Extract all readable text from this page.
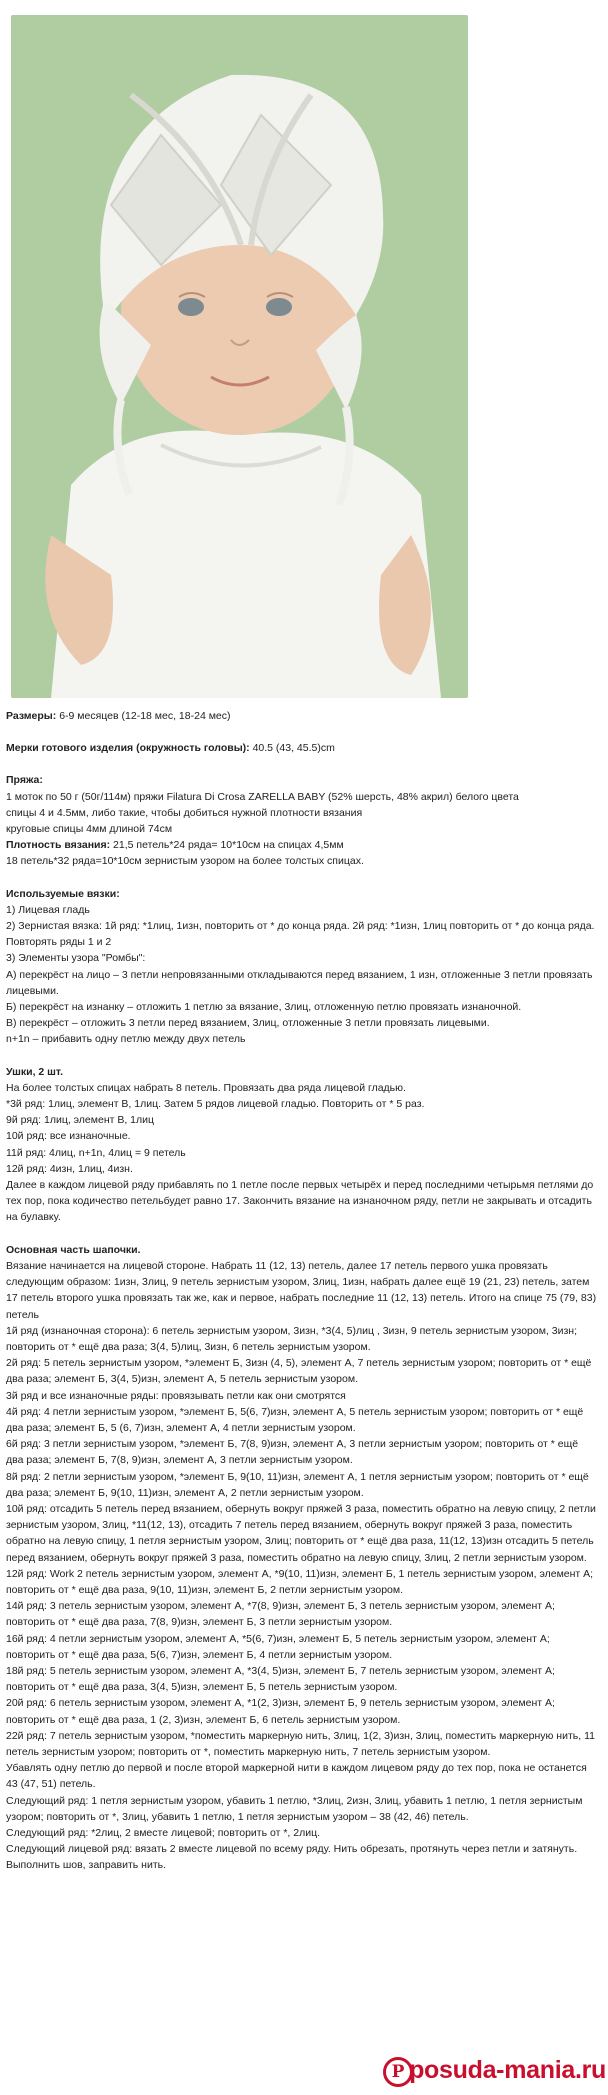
Размеры: 6-9 месяцев (12-18 мес, 18-24 мес)

Мерки готового изделия (окружность головы): 40.5 (43, 45.5)cm

Пряжа:

1 моток по 50 г (50г/114м) пряжи Filatura Di Crosa ZARELLA BABY (52% шерсть, 48% акрил) белого цвета

спицы 4 и 4.5мм, либо такие, чтобы добиться нужной плотности вязания

круговые спицы 4мм длиной 74см

Плотность вязания: 21,5 петель*24 ряда= 10*10см на спицах 4,5мм

18 петель*32 ряда=10*10см зернистым узором на более толстых спицах.

Используемые вязки:

1) Лицевая гладь

2) Зернистая вязка: 1й ряд: *1лиц, 1изн, повторить от * до конца ряда. 2й ряд: *1изн, 1лиц повторить от * до конца ряда. Повторять ряды 1 и 2

3) Элементы узора "Ромбы":

А) перекрёст на лицо – 3 петли непровязанными откладываются перед вязанием, 1 изн, отложенные 3 петли провязать лицевыми.

Б) перекрёст на изнанку – отложить 1 петлю за вязание, 3лиц, отложенную петлю провязать изнаночной.

В) перекрёст – отложить 3 петли перед вязанием, 3лиц, отложенные 3 петли провязать лицевыми.

n+1n – прибавить одну петлю между двух петель

Ушки, 2 шт.

На более толстых спицах набрать 8 петель. Провязать два ряда лицевой гладью.

*3й ряд: 1лиц, элемент В, 1лиц. Затем 5 рядов лицевой гладью. Повторить от * 5 раз.

9й ряд: 1лиц, элемент В, 1лиц

10й ряд: все изнаночные.

11й ряд: 4лиц, n+1n, 4лиц = 9 петель

12й ряд: 4изн, 1лиц, 4изн.

Далее в каждом лицевой ряду прибавлять по 1 петле после первых четырёх и перед последними четырьмя петлями до тех пор, пока кодичество петельбудет равно 17. Закончить вязание на изнаночном ряду, петли не закрывать и отсадить на булавку.

Основная часть шапочки.

Вязание начинается на лицевой стороне. Набрать 11 (12, 13) петель, далее 17 петель первого ушка провязать следующим образом: 1изн, 3лиц, 9 петель зернистым узором, 3лиц, 1изн, набрать далее ещё 19 (21, 23) петель, затем 17 петель второго ушка провязать так же, как и первое, набрать последние 11 (12, 13) петель. Итого на спице 75 (79, 83) петель

1й ряд (изнаночная сторона): 6 петель зернистым узором, 3изн, *3(4, 5)лиц , 3изн, 9 петель зернистым узором, 3изн; повторить от * ещё два раза; 3(4, 5)лиц, 3изн, 6 петель зернистым узором.

2й ряд: 5 петель зернистым узором, *элемент Б, 3изн (4, 5), элемент А, 7 петель зернистым узором; повторить от * ещё два раза; элемент Б, 3(4, 5)изн, элемент А, 5 петель зернистым узором.

3й ряд и все изнаночные ряды: провязывать петли как они смотрятся

4й ряд: 4 петли зернистым узором, *элемент Б, 5(6, 7)изн, элемент А, 5 петель зернистым узором; повторить от * ещё два раза; элемент Б, 5 (6, 7)изн, элемент А, 4 петли зернистым узором.

6й ряд: 3 петли зернистым узором, *элемент Б, 7(8, 9)изн, элемент А, 3 петли зернистым узором; повторить от * ещё два раза; элемент Б, 7(8, 9)изн, элемент А, 3 петли зернистым узором.

8й ряд: 2 петли зернистым узором, *элемент Б, 9(10, 11)изн, элемент А, 1 петля зернистым узором; повторить от * ещё два раза; элемент Б, 9(10, 11)изн, элемент А, 2 петли зернистым узором.

10й ряд: отсадить 5 петель перед вязанием, обернуть вокруг пряжей 3 раза, поместить обратно на левую спицу, 2 петли зернистым узором, 3лиц, *11(12, 13), отсадить 7 петель перед вязанием, обернуть вокруг пряжей 3 раза, поместить обратно на левую спицу, 1 петля зернистым узором, 3лиц; повторить от * ещё два раза, 11(12, 13)изн отсадить 5 петель перед вязанием, обернуть вокруг пряжей 3 раза, поместить обратно на левую спицу, 3лиц, 2 петли зернистым узором.

12й ряд: Work 2 петель зернистым узором, элемент А, *9(10, 11)изн, элемент Б, 1 петель зернистым узором, элемент А; повторить от * ещё два раза, 9(10, 11)изн, элемент Б, 2 петли зернистым узором.

14й ряд: 3 петель зернистым узором, элемент А, *7(8, 9)изн, элемент Б, 3 петель зернистым узором, элемент А; повторить от * ещё два раза, 7(8, 9)изн, элемент Б, 3 петли зернистым узором.

16й ряд: 4 петли зернистым узором, элемент А, *5(6, 7)изн, элемент Б, 5 петель зернистым узором, элемент А; повторить от * ещё два раза, 5(6, 7)изн, элемент Б, 4 петли зернистым узором.

18й ряд: 5 петель зернистым узором, элемент А, *3(4, 5)изн, элемент Б, 7 петель зернистым узором, элемент А; повторить от * ещё два раза, 3(4, 5)изн, элемент Б, 5 петель зернистым узором.

20й ряд: 6 петель зернистым узором, элемент А, *1(2, 3)изн, элемент Б, 9 петель зернистым узором, элемент А; повторить от * ещё два раза, 1 (2, 3)изн, элемент Б, 6 петель зернистым узором.

22й ряд: 7 петель зернистым узором, *поместить маркерную нить, 3лиц, 1(2, 3)изн, 3лиц, поместить маркерную нить, 11 петель зернистым узором; повторить от *, поместить маркерную нить, 7 петель зернистым узором.

Убавлять одну петлю до первой и после второй маркерной нити в каждом лицевом ряду до тех пор, пока не останется 43 (47, 51) петель.

Следующий ряд: 1 петля зернистым узором, убавить 1 петлю, *3лиц, 2изн, 3лиц, убавить 1 петлю, 1 петля зернистым узором; повторить от *, 3лиц, убавить 1 петлю, 1 петля зернистым узором – 38 (42, 46) петель.

Следующий ряд: *2лиц, 2 вместе лицевой; повторить от *, 2лиц.

Следующий лицевой ряд: вязать 2 вместе лицевой по всему ряду. Нить обрезать, протянуть через петли и затянуть.

Выполнить шов, заправить нить.

P posuda-mania.ru
